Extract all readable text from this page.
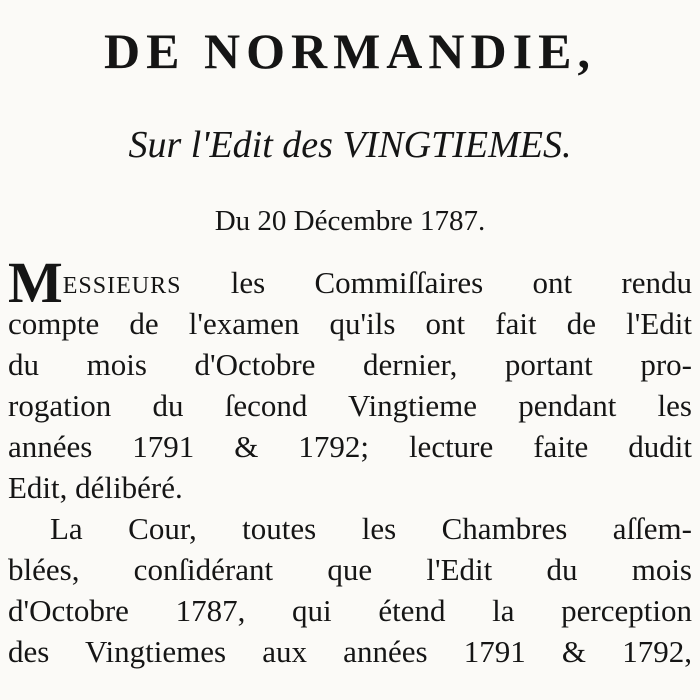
DE NORMANDIE,
Sur l'Edit des VINGTIEMES.
Du 20 Décembre 1787.
MESSIEURS les Commiſſaires ont rendu
compte de l'examen qu'ils ont fait de l'Edit
du mois d'Octobre dernier, portant pro-
rogation du ſecond Vingtieme pendant les
années 1791 & 1792; lecture faite dudit
Edit, délibéré.
La Cour, toutes les Chambres aſſem-
blées, conſidérant que l'Edit du mois
d'Octobre 1787, qui étend la perception
des Vingtiemes aux années 1791 & 1792,
